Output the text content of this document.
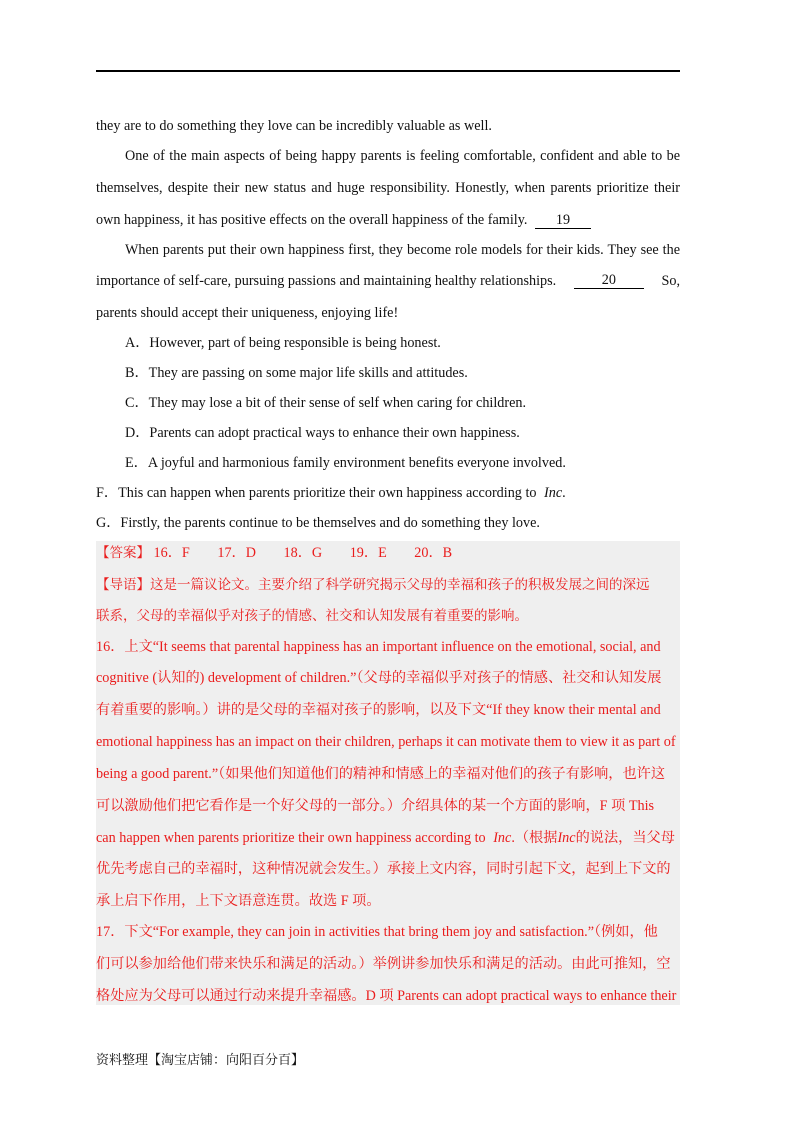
they are to do something they love can be incredibly valuable as well.
One of the main aspects of being happy parents is feeling comfortable, confident and able to be
themselves, despite their new status and huge responsibility. Honestly, when parents prioritize their
own happiness, it has positive effects on the overall happiness of the family. 19
When parents put their own happiness first, they become role models for their kids. They see the
importance of self-care, pursuing passions and maintaining healthy relationships.	20	So,
parents should accept their uniqueness, enjoying life!
A．However, part of being responsible is being honest.
B．They are passing on some major life skills and attitudes.
C．They may lose a bit of their sense of self when caring for children.
D．Parents can adopt practical ways to enhance their own happiness.
E．A joyful and harmonious family environment benefits everyone involved.
F．This can happen when parents prioritize their own happiness according to Inc.
G．Firstly, the parents continue to be themselves and do something they love.
【答案】 16．F 17．D 18．G 19．E 20．B
【导语】这是一篇议论文。主要介绍了科学研究揭示父母的幸福和孩子的积极发展之间的深远
联系，父母的幸福似乎对孩子的情感、社交和认知发展有着重要的影响。
16．上文“It seems that parental happiness has an important influence on the emotional, social, and
cognitive (认知的) development of children.”（父母的幸福似乎对孩子的情感、社交和认知发展
有着重要的影响。）讲的是父母的幸福对孩子的影响，以及下文“If they know their mental and
emotional happiness has an impact on their children, perhaps it can motivate them to view it as part of
being a good parent.”（如果他们知道他们的精神和情感上的幸福对他们的孩子有影响，也许这
可以激励他们把它看作是一个好父母的一部分。）介绍具体的某一个方面的影响，F 项 This
can happen when parents prioritize their own happiness according to Inc.（根据Inc的说法，当父母
优先考虑自己的幸福时，这种情况就会发生。）承接上文内容，同时引起下文，起到上下文的
承上启下作用，上下文语意连贯。故选 F 项。
17．下文“For example, they can join in activities that bring them joy and satisfaction.”（例如，他
们可以参加给他们带来快乐和满足的活动。）举例讲参加快乐和满足的活动。由此可推知，空
格处应为父母可以通过行动来提升幸福感。D 项 Parents can adopt practical ways to enhance their
资料整理【淘宝店铺：向阳百分百】
